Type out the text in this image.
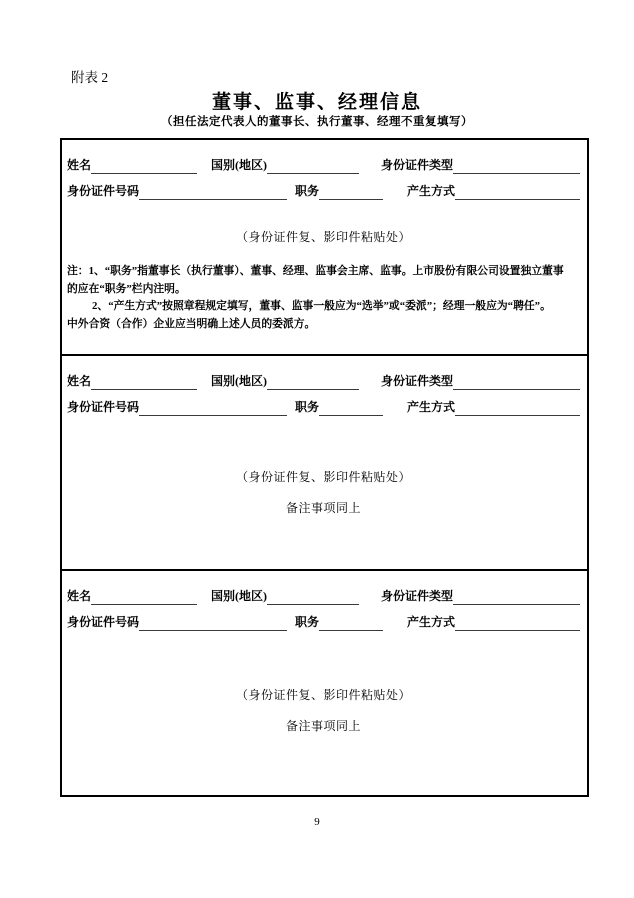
附表 2
董事、监事、经理信息
（担任法定代表人的董事长、执行董事、经理不重复填写）
姓名	国别(地区)	身份证件类型
身份证件号码	职务	产生方式
（身份证件复、影印件粘贴处）
注：1、“职务”指董事长（执行董事）、董事、经理、监事会主席、监事。上市股份有限公司设置独立董事
的应在“职务”栏内注明。
2、“产生方式”按照章程规定填写，董事、监事一般应为“选举”或“委派”；经理一般应为“聘任”。
中外合资（合作）企业应当明确上述人员的委派方。
姓名	国别(地区)	身份证件类型
身份证件号码	职务	产生方式
（身份证件复、影印件粘贴处）
备注事项同上
姓名	国别(地区)	身份证件类型
身份证件号码	职务	产生方式
（身份证件复、影印件粘贴处）
备注事项同上
9
